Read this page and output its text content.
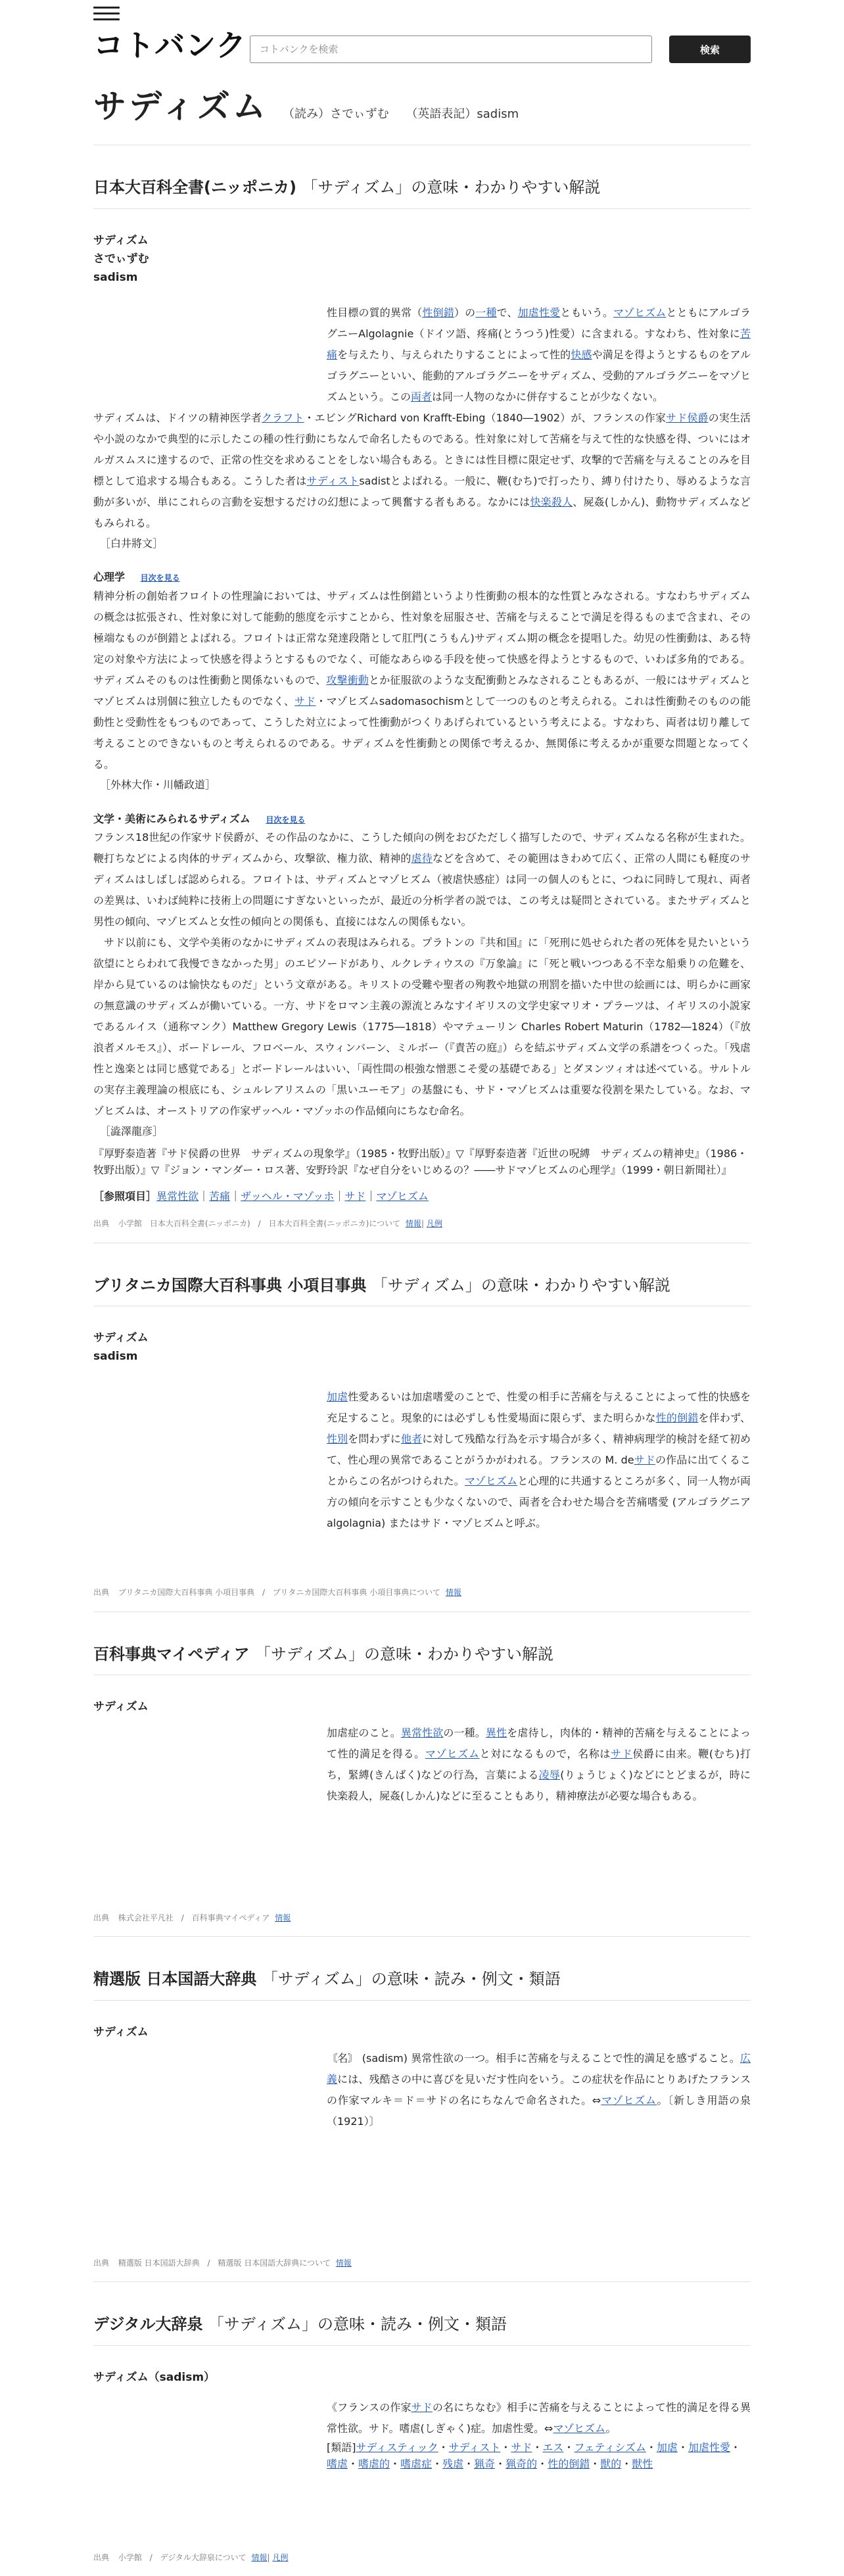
コトバンク
コトバンクを検索	検索
サディズム （読み）さでぃずむ （英語表記）sadism
日本大百科全書(ニッポニカ) 「サディズム」の意味・わかりやすい解説
サディズム
さでぃずむ
sadism

性目標の質的異常（性倒錯）の一種で、加虐性愛ともいう。マゾヒズムとともにアルゴラグニーAlgolagnie（ドイツ語、疼痛(とうつう)性愛）に含まれる。すなわち、性対象に苦痛を与えたり、与えられたりすることによって性的快感や満足を得ようとするものをアルゴラグニーといい、能動的アルゴラグニーをサディズム、受動的アルゴラグニーをマゾヒズムという。この両者は同一人物のなかに併存することが少なくない。

サディズムは、ドイツの精神医学者クラフト・エビングRichard von Krafft-Ebing（1840―1902）が、フランスの作家サド侯爵の実生活や小説のなかで典型的に示したこの種の性行動にちなんで命名したものである。性対象に対して苦痛を与えて性的な快感を得、ついにはオルガスムスに達するので、正常の性交を求めることをしない場合もある。ときには性目標に限定せず、攻撃的で苦痛を与えることのみを目標として追求する場合もある。こうした者はサディストsadistとよばれる。一般に、鞭(むち)で打ったり、縛り付けたり、辱めるような言動が多いが、単にこれらの言動を妄想するだけの幻想によって興奮する者もある。なかには快楽殺人、屍姦(しかん)、動物サディズムなどもみられる。

［白井將文］
心理学 目次を見る

精神分析の創始者フロイトの性理論においては、サディズムは性倒錯というより性衝動の根本的な性質とみなされる。すなわちサディズムの概念は拡張され、性対象に対して能動的態度を示すことから、性対象を屈服させ、苦痛を与えることで満足を得るものまで含まれ、その極端なものが倒錯とよばれる。フロイトは正常な発達段階として肛門(こうもん)サディズム期の概念を提唱した。幼児の性衝動は、ある特定の対象や方法によって快感を得ようとするものでなく、可能なあらゆる手段を使って快感を得ようとするもので、いわば多角的である。サディズムそのものは性衝動と関係ないもので、攻撃衝動とか征服欲のような支配衝動とみなされることもあるが、一般にはサディズムとマゾヒズムは別個に独立したものでなく、サド・マゾヒズムsadomasochismとして一つのものと考えられる。これは性衝動そのものの能動性と受動性をもつものであって、こうした対立によって性衝動がつくりあげられているという考えによる。すなわち、両者は切り離して考えることのできないものと考えられるのである。サディズムを性衝動との関係で考えるか、無関係に考えるかが重要な問題となってくる。

［外林大作・川幡政道］
文学・美術にみられるサディズム 目次を見る

フランス18世紀の作家サド侯爵が、その作品のなかに、こうした傾向の例をおびただしく描写したので、サディズムなる名称が生まれた。鞭打ちなどによる肉体的サディズムから、攻撃欲、権力欲、精神的虐待などを含めて、その範囲はきわめて広く、正常の人間にも軽度のサディズムはしばしば認められる。フロイトは、サディズムとマゾヒズム（被虐快感症）は同一の個人のもとに、つねに同時して現れ、両者の差異は、いわば純粋に技術上の問題にすぎないといったが、最近の分析学者の説では、この考えは疑問とされている。またサディズムと男性の傾向、マゾヒズムと女性の傾向との関係も、直接にはなんの関係もない。

サド以前にも、文学や美術のなかにサディズムの表現はみられる。プラトンの『共和国』に「死刑に処せられた者の死体を見たいという欲望にとらわれて我慢できなかった男」のエピソードがあり、ルクレティウスの『万象論』に「死と戦いつつある不幸な船乗りの危難を、岸から見ているのは愉快なものだ」という文章がある。キリストの受難や聖者の殉教や地獄の刑罰を描いた中世の絵画には、明らかに画家の無意識のサディズムが働いている。一方、サドをロマン主義の源流とみなすイギリスの文学史家マリオ・プラーツは、イギリスの小説家であるルイス（通称マンク）Matthew Gregory Lewis（1775―1818）やマテューリン Charles Robert Maturin（1782―1824）（『放浪者メルモス』）、ボードレール、フロベール、スウィンバーン、ミルボー（『責苦の庭』）らを結ぶサディズム文学の系譜をつくった。「残虐性と逸楽とは同じ感覚である」とボードレールはいい、「両性間の根強な憎悪こそ愛の基礎である」とダヌンツィオは述べている。サルトルの実存主義理論の根底にも、シュルレアリスムの「黒いユーモア」の基盤にも、サド・マゾヒズムは重要な役割を果たしている。なお、マゾヒズムは、オーストリアの作家ザッヘル・マゾッホの作品傾向にちなむ命名。

［澁澤龍彦］
『厚野泰造著『サド侯爵の世界　サディズムの現象学』（1985・牧野出版）』▽『厚野泰造著『近世の呪縛　サディズムの精神史』（1986・牧野出版）』▽『ジョン・マンダー・ロス著、安野玲訳『なぜ自分をいじめるの？――サドマゾヒズムの心理学』（1999・朝日新聞社）』
［参照項目］異常性欲｜苦痛｜ザッヘル・マゾッホ｜サド｜マゾヒズム
出典 小学館　日本大百科全書(ニッポニカ) / 日本大百科全書(ニッポニカ)について 情報| 凡例
ブリタニカ国際大百科事典 小項目事典 「サディズム」の意味・わかりやすい解説
サディズム
sadism

加虐性愛あるいは加虐嗜愛のことで、性愛の相手に苦痛を与えることによって性的快感を充足すること。現象的には必ずしも性愛場面に限らず、また明らかな性的倒錯を伴わず、性別を問わずに他者に対して残酷な行為を示す場合が多く、精神病理学的検討を経て初めて、性心理の異常であることがうかがわれる。フランスの M. deサドの作品に出てくることからこの名がつけられた。マゾヒズムと心理的に共通するところが多く、同一人物が両方の傾向を示すことも少なくないので、両者を合わせた場合を苦痛嗜愛 (アルゴラグニア algolagnia) またはサド・マゾヒズムと呼ぶ。

出典 ブリタニカ国際大百科事典 小項目事典 / ブリタニカ国際大百科事典 小項目事典について 情報
百科事典マイペディア 「サディズム」の意味・わかりやすい解説
サディズム

加虐症のこと。異常性欲の一種。異性を虐待し，肉体的・精神的苦痛を与えることによって性的満足を得る。マゾヒズムと対になるもので，名称はサド侯爵に由来。鞭(むち)打ち，緊縛(きんばく)などの行為，言葉による凌辱(りょうじょく)などにとどまるが，時に快楽殺人，屍姦(しかん)などに至ることもあり，精神療法が必要な場合もある。

出典 株式会社平凡社 / 百科事典マイペディア 情報
精選版 日本国語大辞典 「サディズム」の意味・読み・例文・類語
サディズム

〘名〙 (sadism) 異常性欲の一つ。相手に苦痛を与えることで性的満足を感ずること。広義には、残酷さの中に喜びを見いだす性向をいう。この症状を作品にとりあげたフランスの作家マルキ＝ド＝サドの名にちなんで命名された。⇔マゾヒズム。〔新しき用語の泉（1921）〕

出典 精選版 日本国語大辞典 / 精選版 日本国語大辞典について 情報
デジタル大辞泉 「サディズム」の意味・読み・例文・類語
サディズム（sadism）

《フランスの作家サドの名にちなむ》相手に苦痛を与えることによって性的満足を得る異常性欲。サド。嗜虐(しぎゃく)症。加虐性愛。⇔マゾヒズム。

[類語]サディスティック・サディスト・サド・エス・フェティシズム・加虐・加虐性愛・嗜虐・嗜虐的・嗜虐症・残虐・猟奇・猟奇的・性的倒錯・獣的・獣性
出典 小学館 / デジタル大辞泉について 情報| 凡例
